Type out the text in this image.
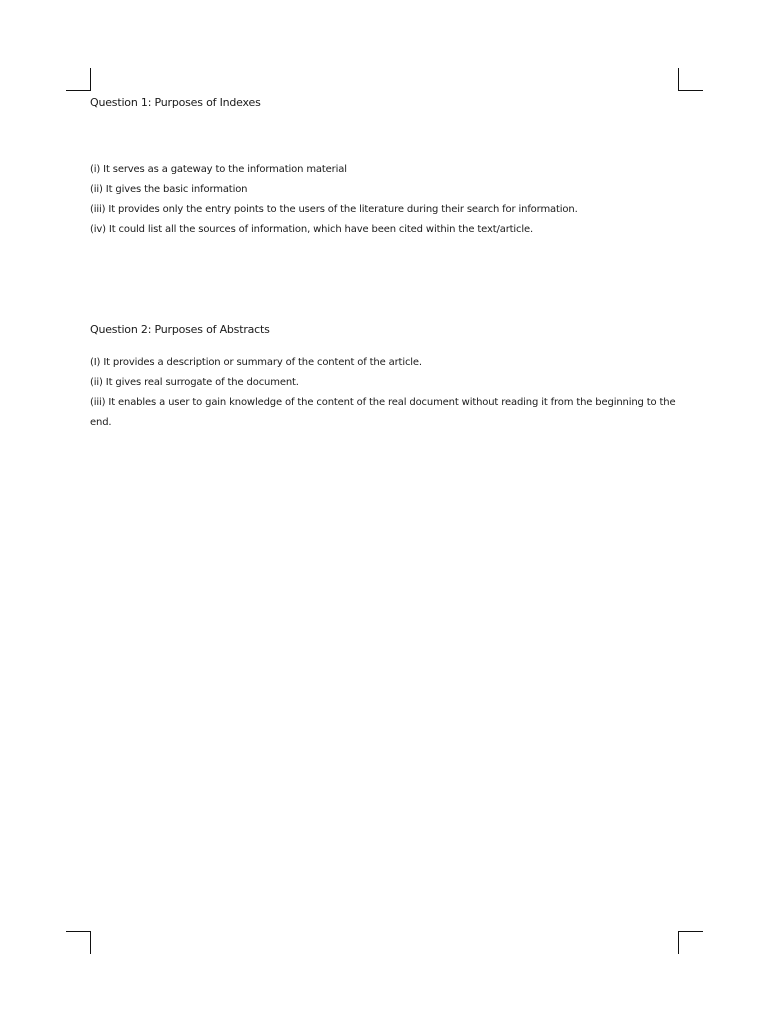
Question 1: Purposes of Indexes
(i) It serves as a gateway to the information material
(ii) It gives the basic information
(iii) It provides only the entry points to the users of the literature during their search for information.
(iv) It could list all the sources of information, which have been cited within the text/article.
Question 2: Purposes of Abstracts
(I) It provides a description or summary of the content of the article.
(ii) It gives real surrogate of the document.
(iii) It enables a user to gain knowledge of the content of the real document without reading it from the beginning to the end.
